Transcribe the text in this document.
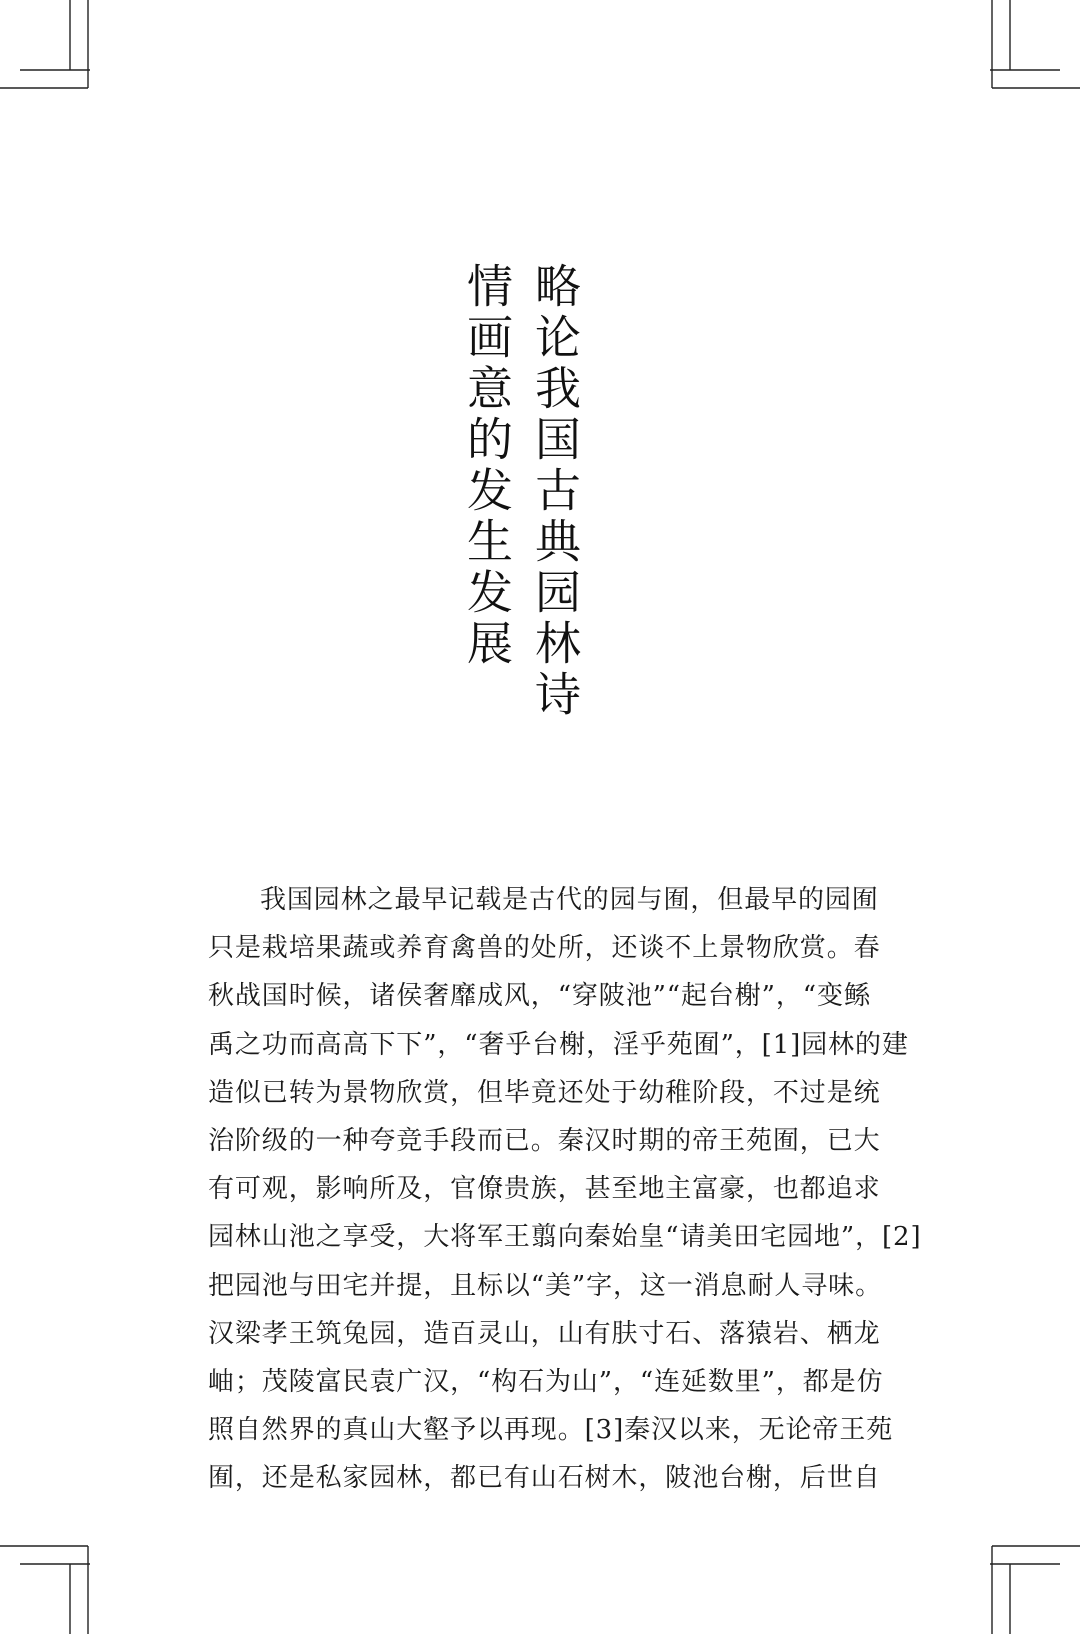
略论我国古典园林诗
情画意的发生发展
我国园林之最早记载是古代的园与囿，但最早的园囿
只是栽培果蔬或养育禽兽的处所，还谈不上景物欣赏。春
秋战国时候，诸侯奢靡成风，“穿陂池”“起台榭”，“变鲧
禹之功而高高下下”，“奢乎台榭，淫乎苑囿”，[1]园林的建
造似已转为景物欣赏，但毕竟还处于幼稚阶段，不过是统
治阶级的一种夸竞手段而已。秦汉时期的帝王苑囿，已大
有可观，影响所及，官僚贵族，甚至地主富豪，也都追求
园林山池之享受，大将军王翦向秦始皇“请美田宅园地”，[2]
把园池与田宅并提，且标以“美”字，这一消息耐人寻味。
汉梁孝王筑兔园，造百灵山，山有肤寸石、落猿岩、栖龙
岫；茂陵富民袁广汉，“构石为山”，“连延数里”，都是仿
照自然界的真山大壑予以再现。[3]秦汉以来，无论帝王苑
囿，还是私家园林，都已有山石树木，陂池台榭，后世自
